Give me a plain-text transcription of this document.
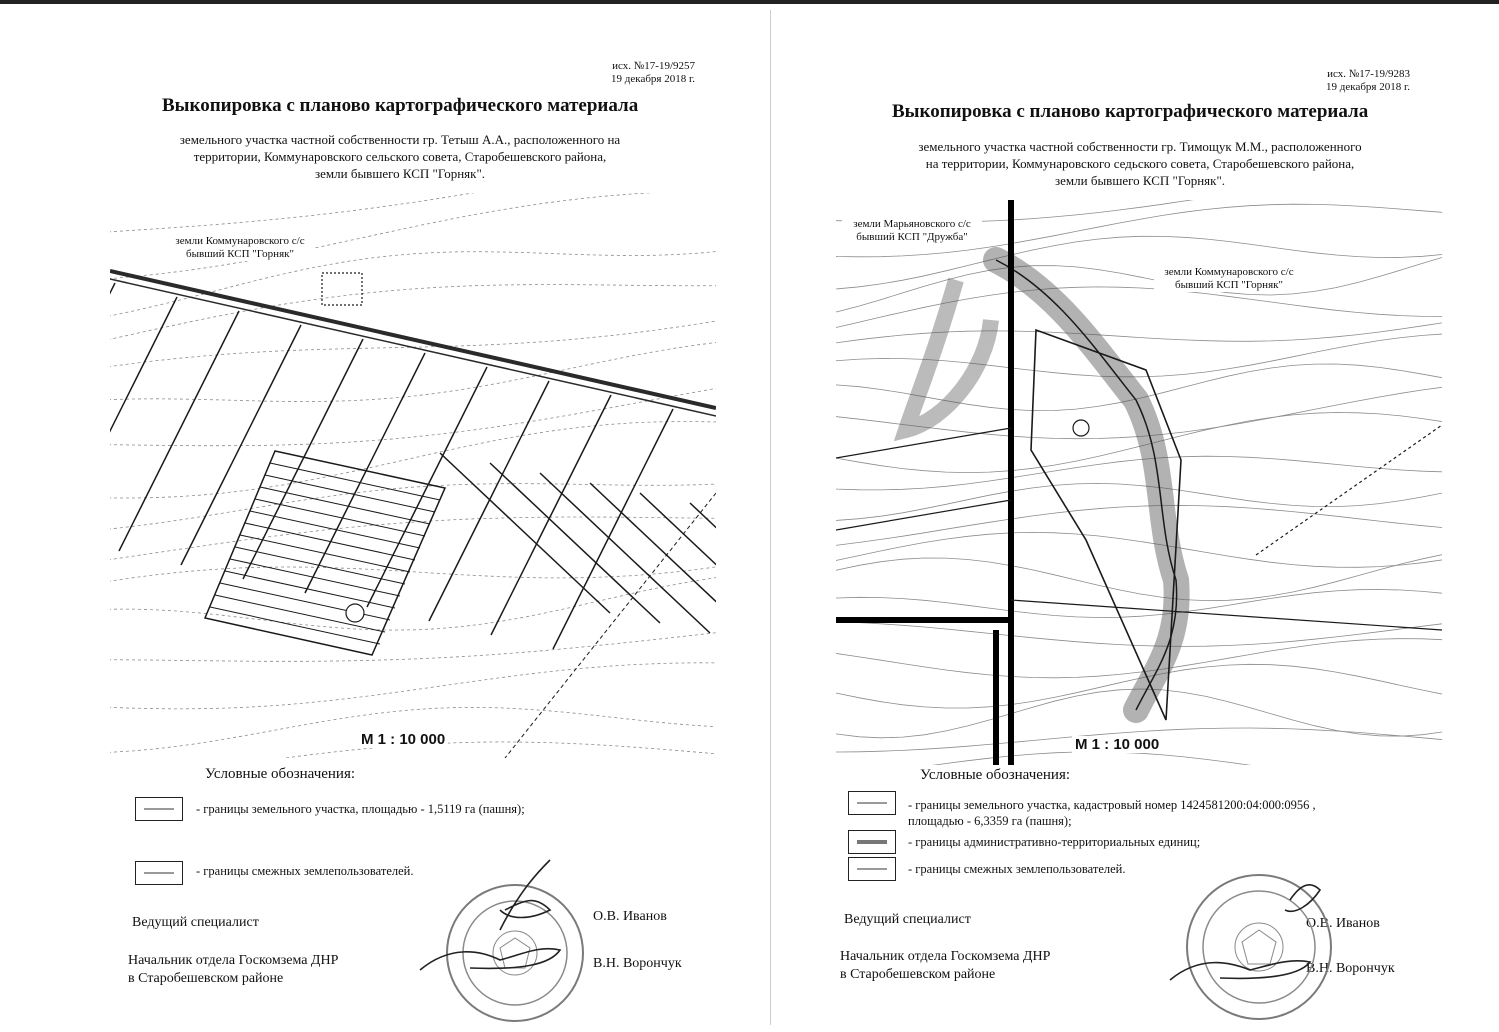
исх. №17-19/9257
19 декабря 2018 г.
Выкопировка с планово картографического материала
земельного участка частной собственности гр. Тетыш А.А., расположенного на
территории, Коммунаровского сельского совета, Старобешевского района,
земли бывшего КСП "Горняк".
земли Коммунаровского с/с
бывший КСП "Горняк"
М 1 : 10 000
Условные обозначения:
- границы земельного участка, площадью - 1,5119 га (пашня);
- границы смежных землепользователей.
Ведущий специалист	О.В. Иванов
Начальник отдела Госкомзема ДНР
в Старобешевском районе
В.Н. Ворончук
исх. №17-19/9283
19 декабря 2018 г.
Выкопировка с планово картографического материала
земельного участка частной собственности гр. Тимощук М.М., расположенного
на территории, Коммунаровского седьского совета, Старобешевского района,
земли бывшего КСП "Горняк".
земли Марьяновского с/с
бывший КСП "Дружба"
земли Коммунаровского с/с
бывший КСП "Горняк"
М 1 : 10 000
Условные обозначения:
- границы земельного участка, кадастровый номер 1424581200:04:000:0956 ,
площадью - 6,3359 га (пашня);
- границы административно-территориальных единиц;
- границы смежных землепользователей.
Ведущий специалист	О.В. Иванов
Начальник отдела Госкомзема ДНР
в Старобешевском районе	В.Н. Ворончук
